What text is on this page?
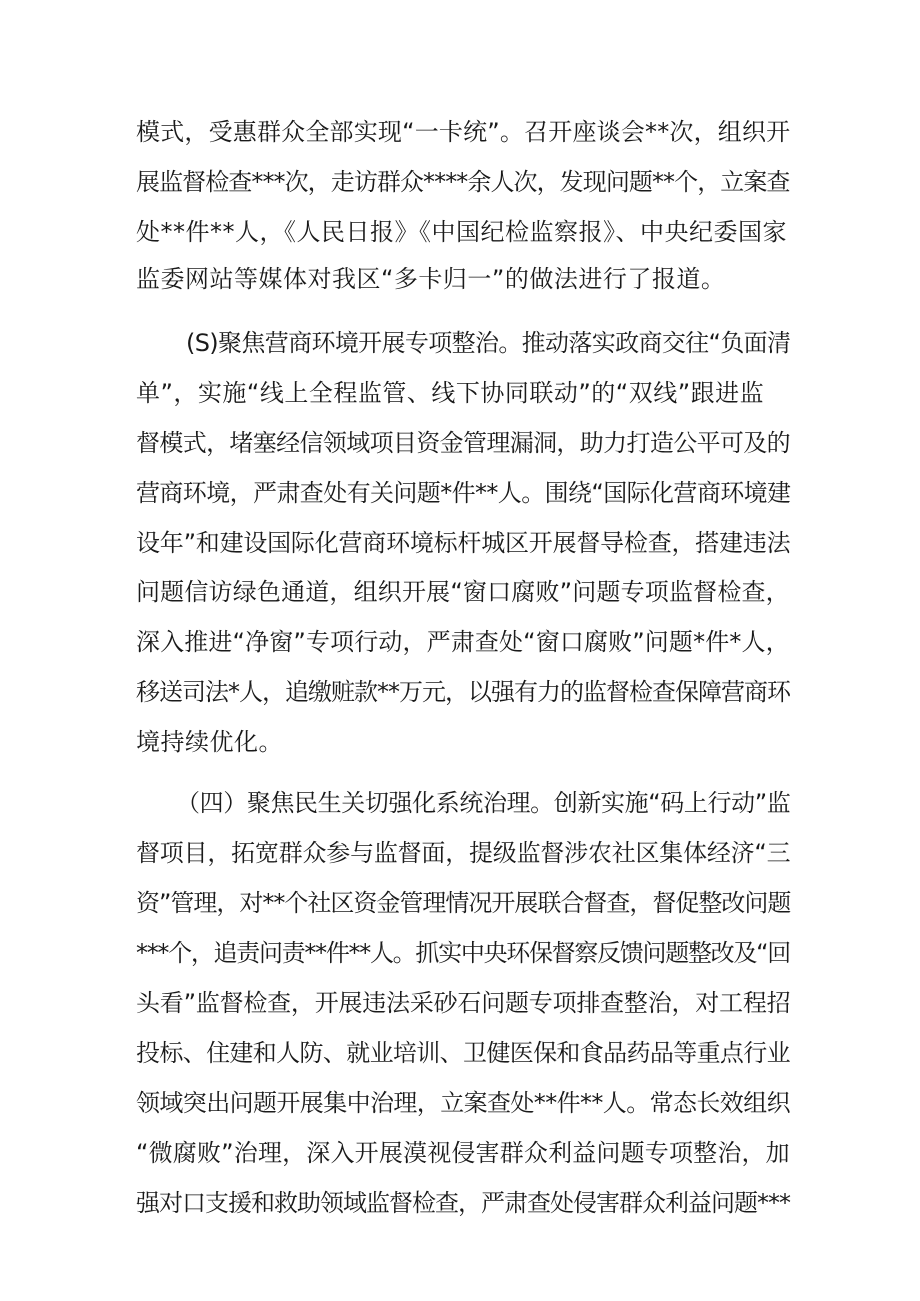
模式，受惠群众全部实现“一卡统”。召开座谈会**次，组织开
展监督检查***次，走访群众****余人次，发现问题**个，立案查
处**件**人，《人民日报》《中国纪检监察报》、中央纪委国家
监委网站等媒体对我区“多卡归一”的做法进行了报道。
(S)聚焦营商环境开展专项整治。推动落实政商交往“负面清
单”，实施“线上全程监管、线下协同联动”的“双线”跟进监
督模式，堵塞经信领域项目资金管理漏洞，助力打造公平可及的
营商环境，严肃查处有关问题*件**人。围绕“国际化营商环境建
设年”和建设国际化营商环境标杆城区开展督导检查，搭建违法
问题信访绿色通道，组织开展“窗口腐败”问题专项监督检查，
深入推进“净窗”专项行动，严肃查处“窗口腐败”问题*件*人，
移送司法*人，追缴赃款**万元，以强有力的监督检查保障营商环
境持续优化。
（四）聚焦民生关切强化系统治理。创新实施“码上行动”监
督项目，拓宽群众参与监督面，提级监督涉农社区集体经济“三
资”管理，对**个社区资金管理情况开展联合督查，督促整改问题
***个，追责问责**件**人。抓实中央环保督察反馈问题整改及“回
头看”监督检查，开展违法采砂石问题专项排查整治，对工程招
投标、住建和人防、就业培训、卫健医保和食品药品等重点行业
领域突出问题开展集中治理，立案查处**件**人。常态长效组织
“微腐败”治理，深入开展漠视侵害群众利益问题专项整治，加
强对口支援和救助领域监督检查，严肃查处侵害群众利益问题***
